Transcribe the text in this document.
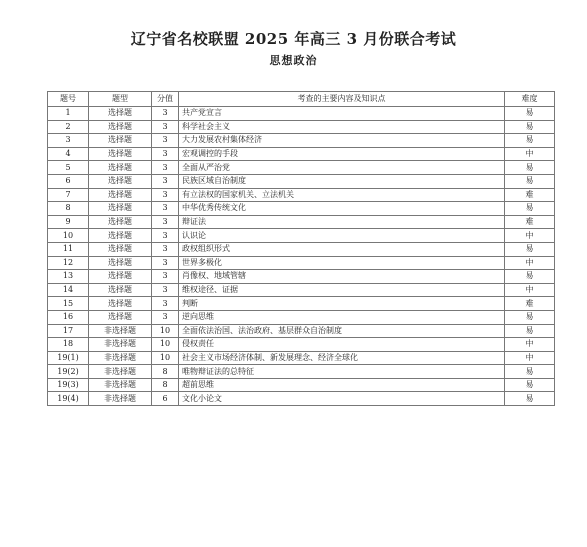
辽宁省名校联盟 2025 年高三 3 月份联合考试
思想政治
题号	题型	分值	考查的主要内容及知识点	难度
1	选择题	3	共产党宣言	易
2	选择题	3	科学社会主义	易
3	选择题	3	大力发展农村集体经济	易
4	选择题	3	宏观调控的手段	中
5	选择题	3	全面从严治党	易
6	选择题	3	民族区域自治制度	易
7	选择题	3	有立法权的国家机关、立法机关	难
8	选择题	3	中华优秀传统文化	易
9	选择题	3	辩证法	难
10	选择题	3	认识论	中
11	选择题	3	政权组织形式	易
12	选择题	3	世界多极化	中
13	选择题	3	肖像权、地域管辖	易
14	选择题	3	维权途径、证据	中
15	选择题	3	判断	难
16	选择题	3	逆向思维	易
17	非选择题	10	全面依法治国、法治政府、基层群众自治制度	易
18	非选择题	10	侵权责任	中
19(1)	非选择题	10	社会主义市场经济体制、新发展理念、经济全球化	中
19(2)	非选择题	8	唯物辩证法的总特征	易
19(3)	非选择题	8	超前思维	易
19(4)	非选择题	6	文化小论文	易
